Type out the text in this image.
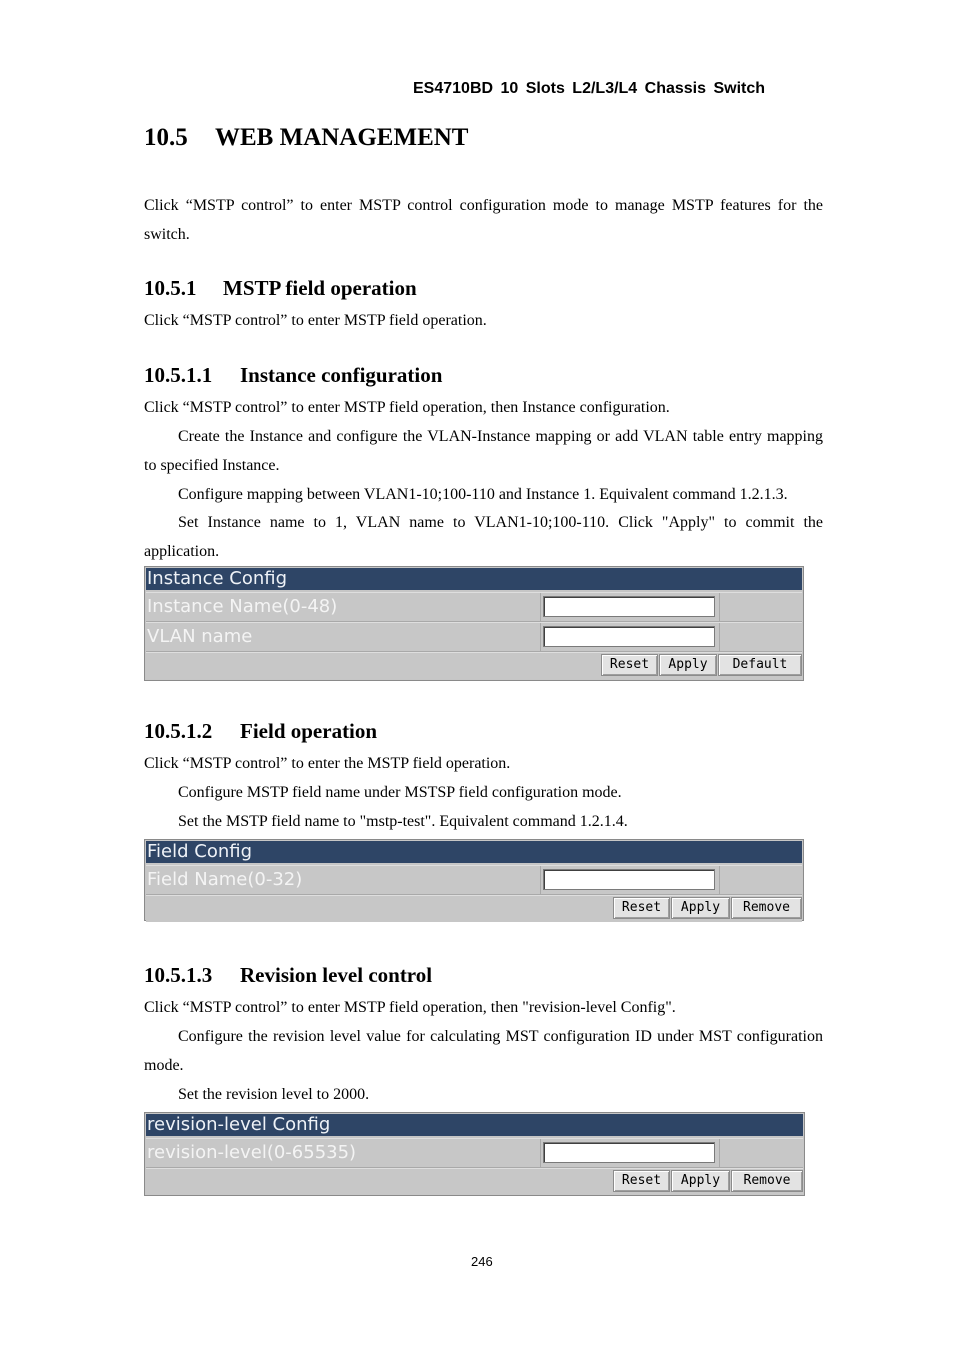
ES4710BD 10 Slots L2/L3/L4 Chassis Switch
10.5 WEB MANAGEMENT
Click “MSTP control” to enter MSTP control configuration mode to manage MSTP features for the switch.
10.5.1 MSTP field operation
Click “MSTP control” to enter MSTP field operation.
10.5.1.1 Instance configuration
Click “MSTP control” to enter MSTP field operation, then Instance configuration.
Create the Instance and configure the VLAN-Instance mapping or add VLAN table entry mapping to specified Instance.
Configure mapping between VLAN1-10;100-110 and Instance 1. Equivalent command 1.2.1.3.
Set Instance name to 1, VLAN name to VLAN1-10;100-110. Click "Apply" to commit the application.
Instance Config
Instance Name(0-48)
VLAN name
Reset	Apply	Default
10.5.1.2 Field operation
Click “MSTP control” to enter the MSTP field operation.
Configure MSTP field name under MSTSP field configuration mode.
Set the MSTP field name to "mstp-test". Equivalent command 1.2.1.4.
Field Config
Field Name(0-32)
Reset	Apply	Remove
10.5.1.3 Revision level control
Click “MSTP control” to enter MSTP field operation, then "revision-level Config".
Configure the revision level value for calculating MST configuration ID under MST configuration mode.
Set the revision level to 2000.
revision-level Config
revision-level(0-65535)
Reset	Apply	Remove
246
